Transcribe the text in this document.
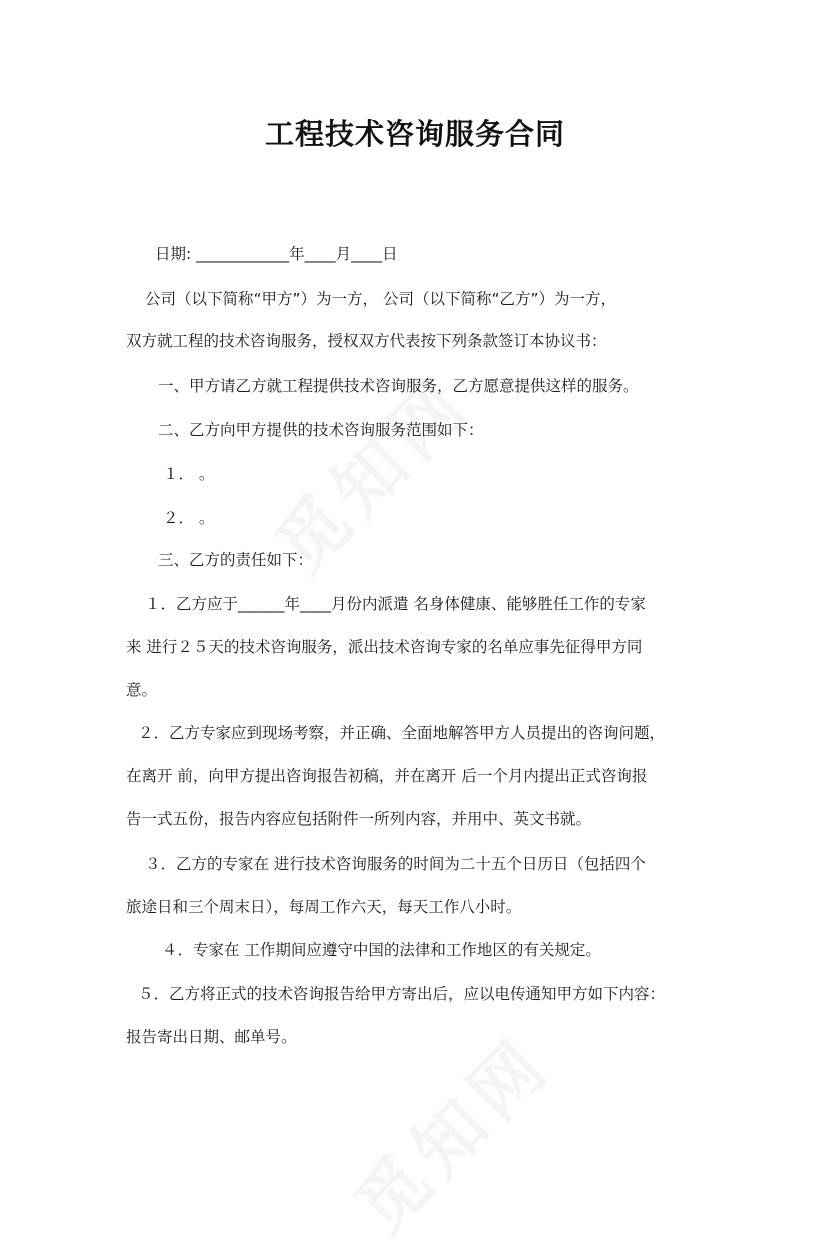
工程技术咨询服务合同
日期: ____________年____月____日
公司（以下简称“甲方”）为一方， 公司（以下简称“乙方”）为一方，
双方就工程的技术咨询服务，授权双方代表按下列条款签订本协议书：
一、甲方请乙方就工程提供技术咨询服务，乙方愿意提供这样的服务。
二、乙方向甲方提供的技术咨询服务范围如下：
１． 。
２． 。
三、乙方的责任如下：
１．乙方应于______年____月份内派遣 名身体健康、能够胜任工作的专家
来 进行２５天的技术咨询服务，派出技术咨询专家的名单应事先征得甲方同
意。
２．乙方专家应到现场考察，并正确、全面地解答甲方人员提出的咨询问题，
在离开 前，向甲方提出咨询报告初稿，并在离开 后一个月内提出正式咨询报
告一式五份，报告内容应包括附件一所列内容，并用中、英文书就。
３．乙方的专家在 进行技术咨询服务的时间为二十五个日历日（包括四个
旅途日和三个周末日），每周工作六天，每天工作八小时。
４．专家在 工作期间应遵守中国的法律和工作地区的有关规定。
５．乙方将正式的技术咨询报告给甲方寄出后，应以电传通知甲方如下内容：
报告寄出日期、邮单号。
